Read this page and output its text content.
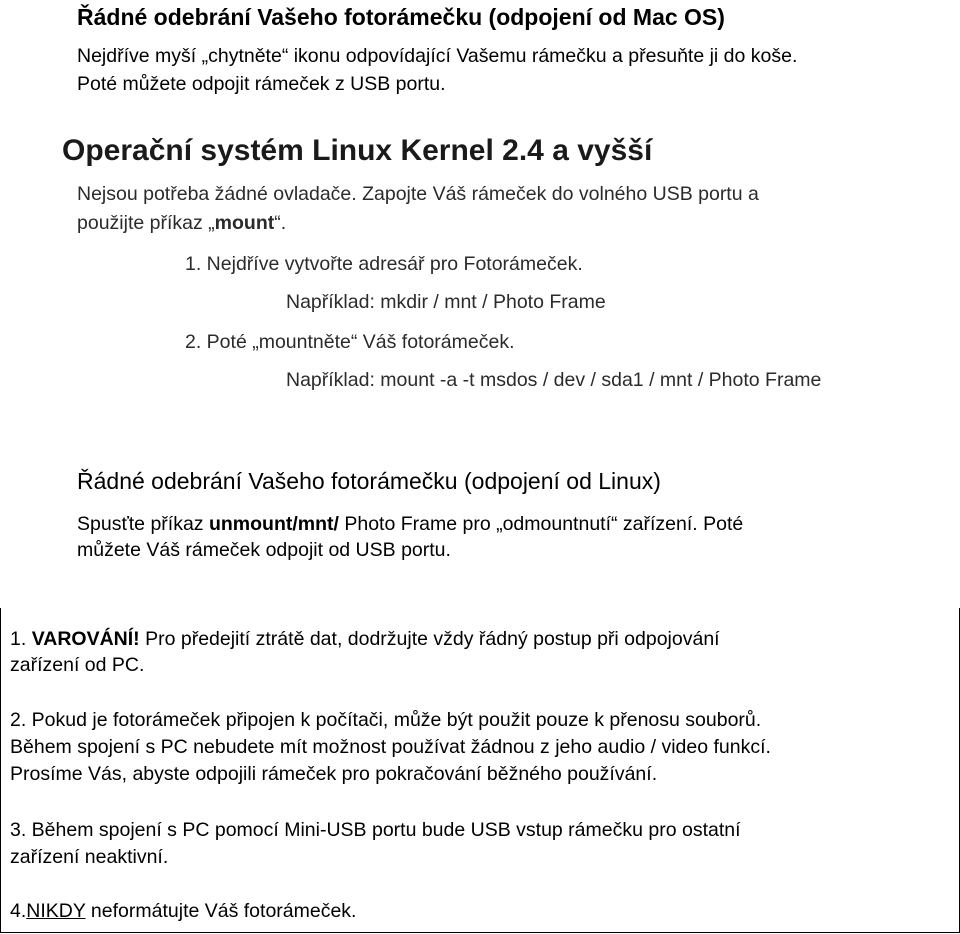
Řádné odebrání Vašeho fotorámečku (odpojení od Mac OS)
Nejdříve myší „chytněte“ ikonu odpovídající Vašemu rámečku a přesuňte ji do koše.
Poté můžete odpojit rámeček z USB portu.
Operační systém Linux Kernel 2.4 a vyšší
Nejsou potřeba žádné ovladače. Zapojte Váš rámeček do volného USB portu a
použijte příkaz „mount“.
1. Nejdříve vytvořte adresář pro Fotorámeček.
Například: mkdir / mnt / Photo Frame
2. Poté „mountněte“ Váš fotorámeček.
Například: mount -a -t msdos / dev / sda1 / mnt / Photo Frame
Řádné odebrání Vašeho fotorámečku (odpojení od Linux)
Spusťte příkaz unmount/mnt/ Photo Frame pro „odmountnutí“ zařízení. Poté
můžete Váš rámeček odpojit od USB portu.
1. VAROVÁNÍ! Pro předejití ztrátě dat, dodržujte vždy řádný postup při odpojování
zařízení od PC.
2. Pokud je fotorámeček připojen k počítači, může být použit pouze k přenosu souborů.
Během spojení s PC nebudete mít možnost používat žádnou z jeho audio / video funkcí.
Prosíme Vás, abyste odpojili rámeček pro pokračování běžného používání.
3. Během spojení s PC pomocí Mini-USB portu bude USB vstup rámečku pro ostatní
zařízení neaktivní.
4.NIKDY neformátujte Váš fotorámeček.
